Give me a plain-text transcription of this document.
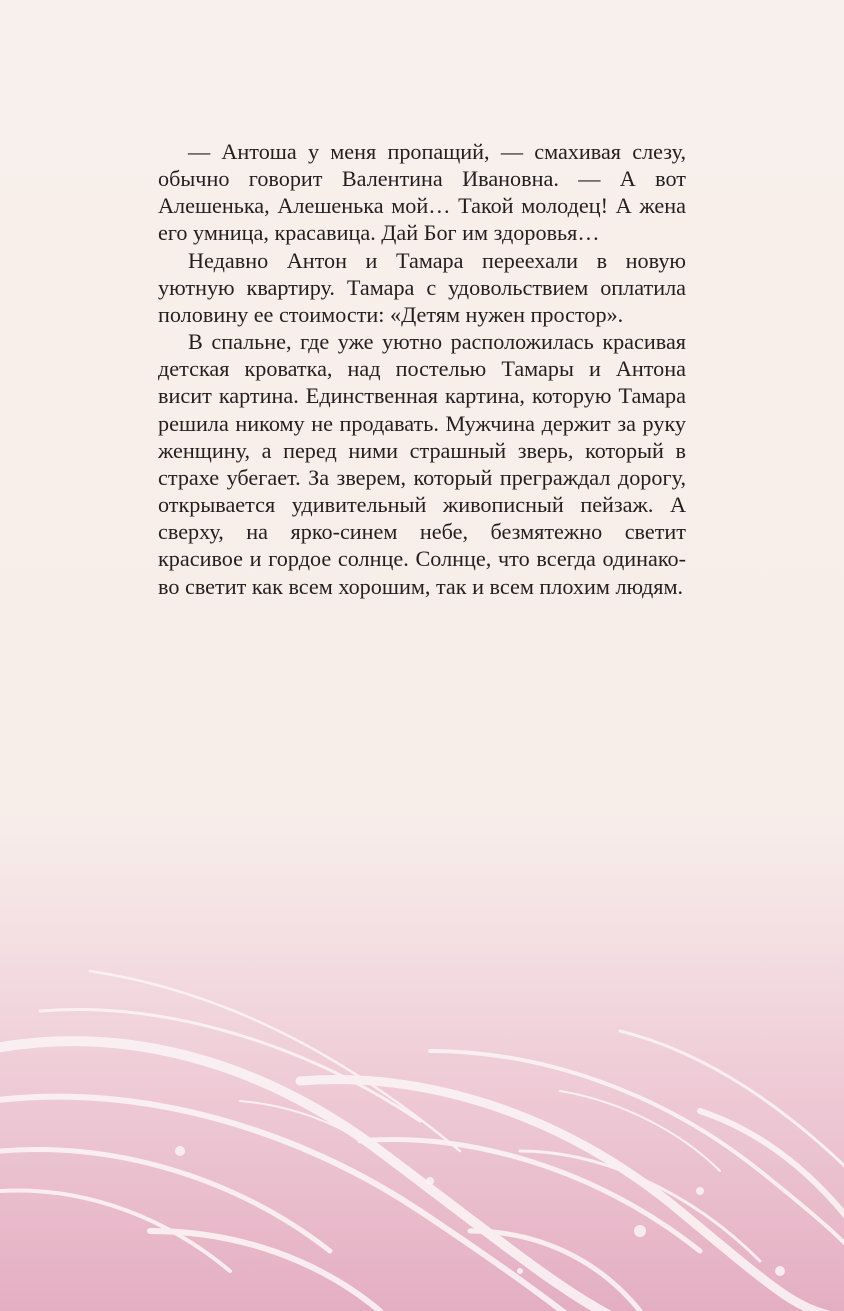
— Антоша у меня пропащий, — смахивая слезу, обычно говорит Валентина Ивановна. — А вот Алешенька, Алешенька мой… Такой молодец! А жена его умница, красавица. Дай Бог им здоровья…

Недавно Антон и Тамара переехали в новую уютную квартиру. Тамара с удовольствием оплатила половину ее стоимости: «Детям нужен простор».

В спальне, где уже уютно расположилась красивая детская кроватка, над постелью Тамары и Антона висит картина. Единственная картина, которую Тамара решила никому не продавать. Мужчина держит за руку женщину, а перед ними страшный зверь, который в страхе убегает. За зверем, который преграждал дорогу, открывается удивительный живописный пейзаж. А сверху, на ярко-синем небе, безмятежно светит красивое и гордое солнце. Солнце, что всегда одинаково светит как всем хорошим, так и всем плохим людям.
